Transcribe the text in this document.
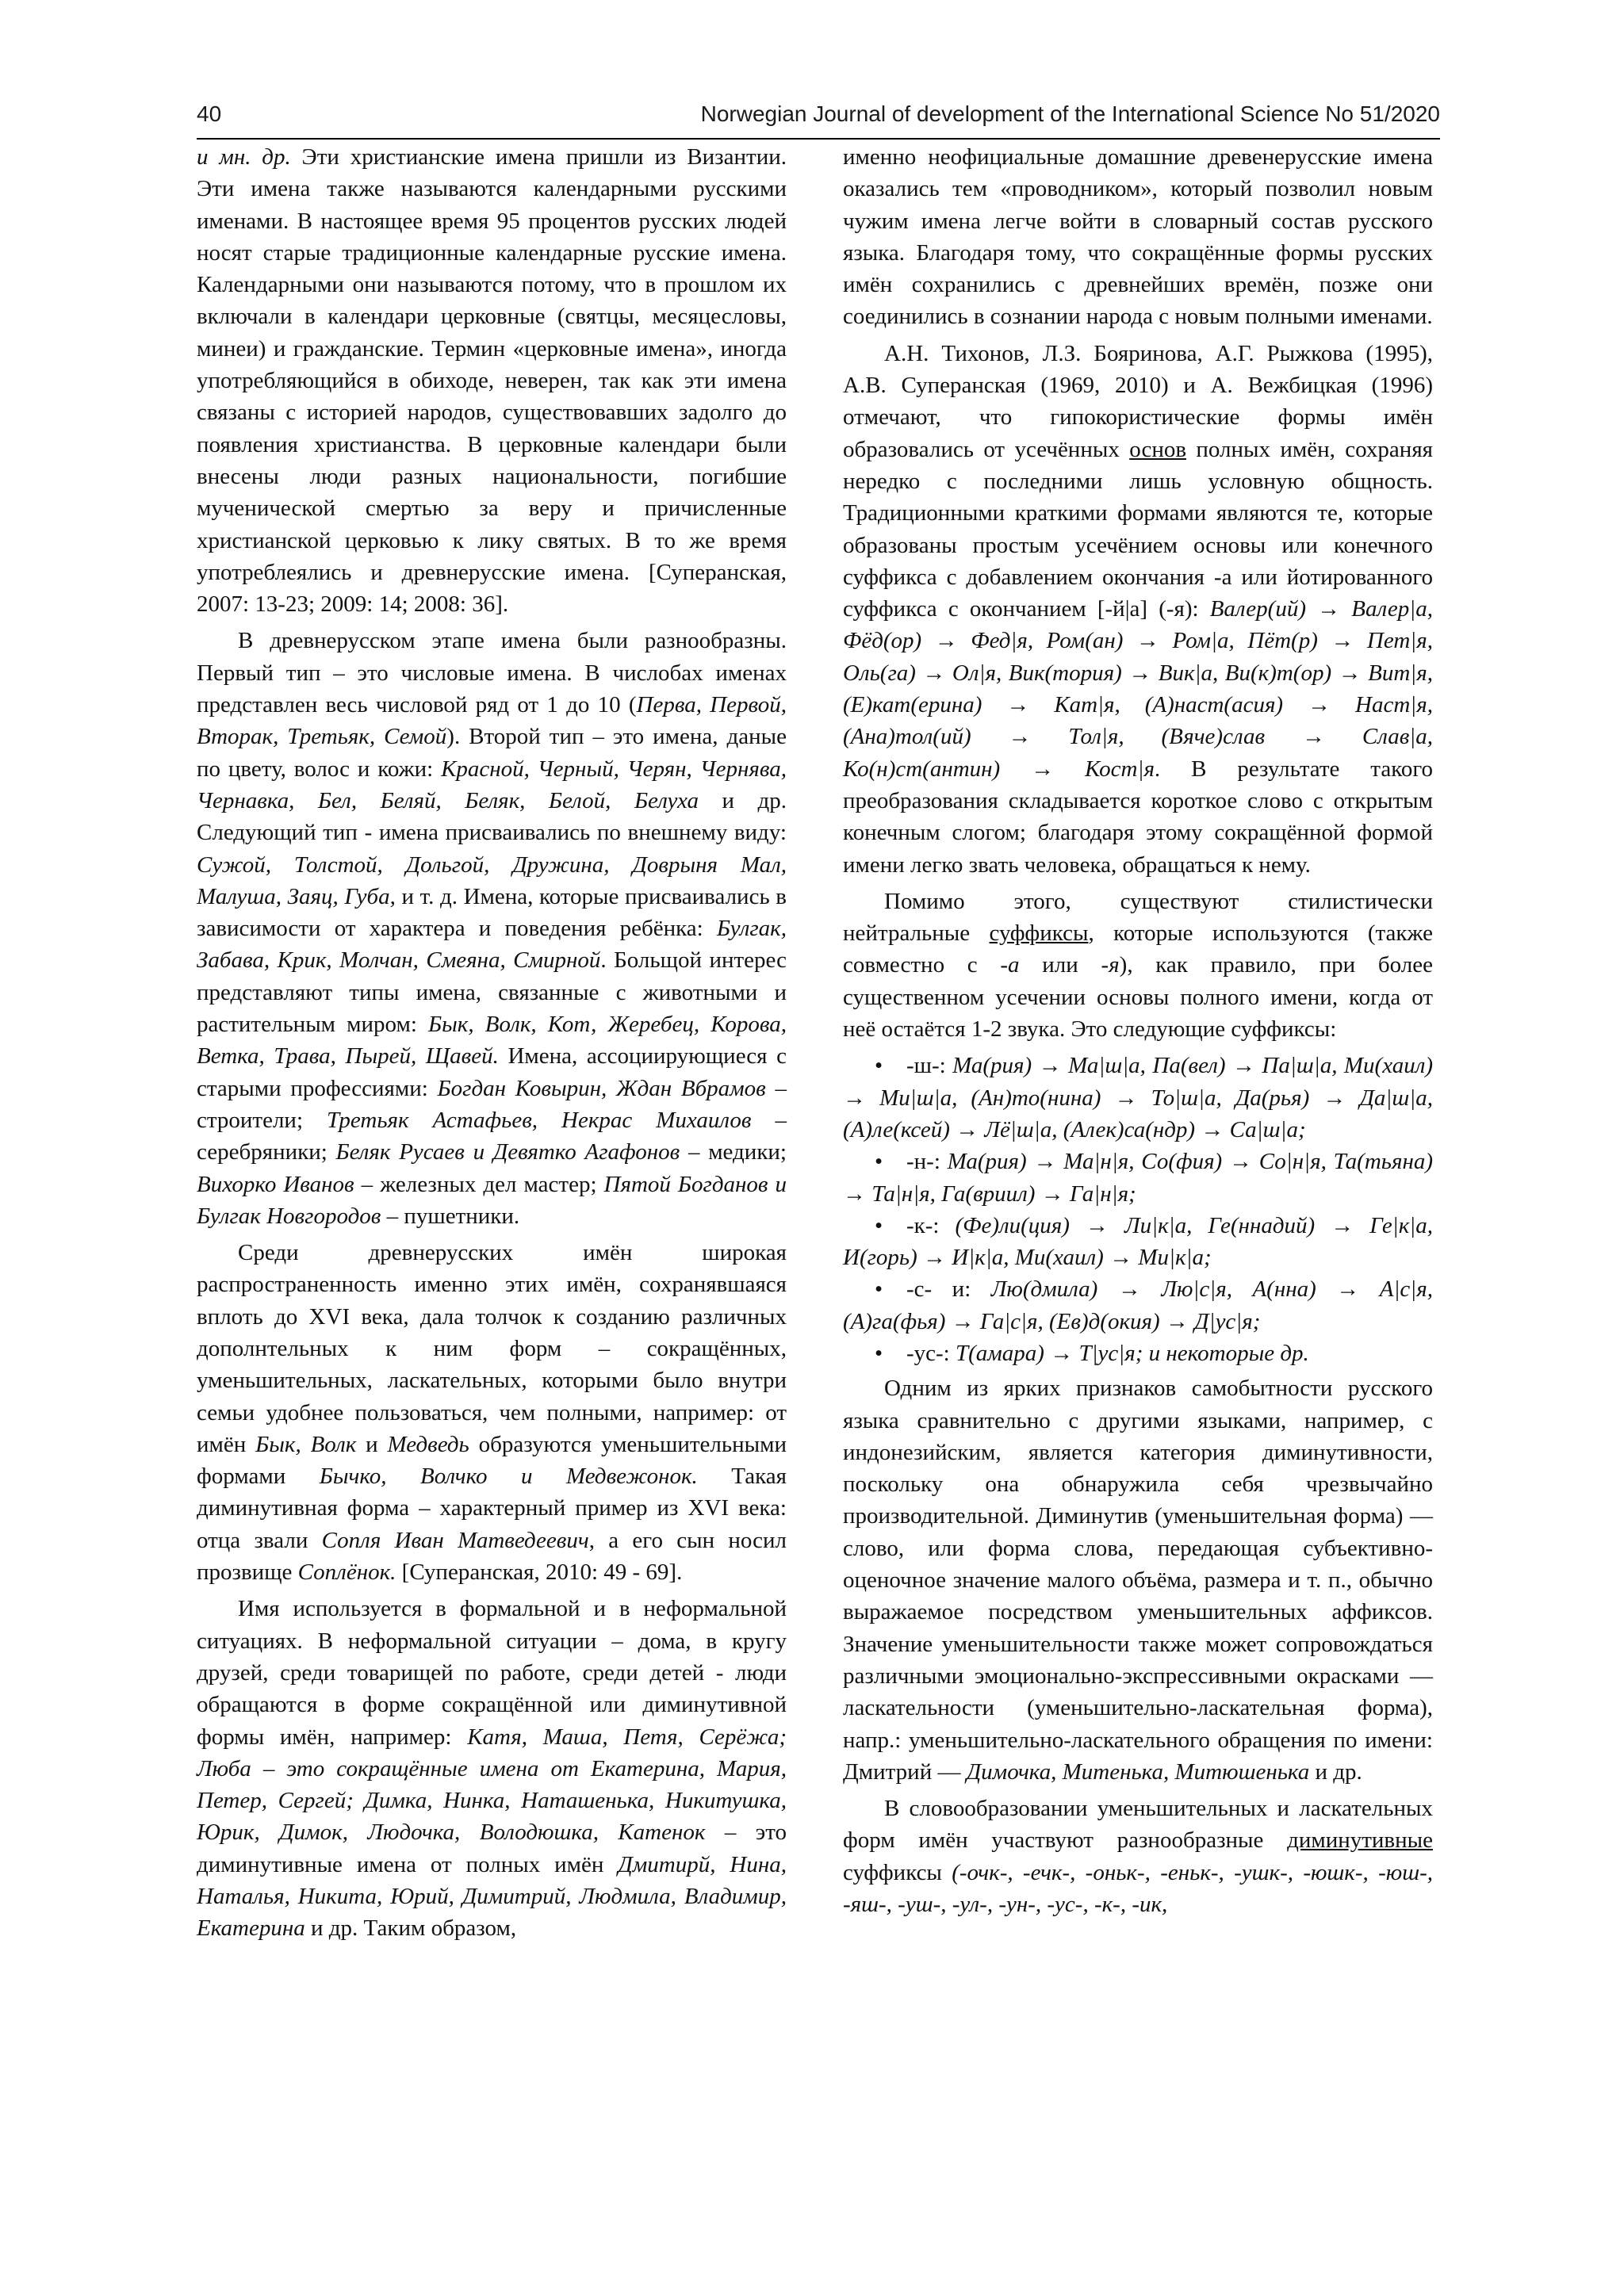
40	Norwegian Journal of development of the International Science No 51/2020

и мн. др. Эти христианские имена пришли из Византии. Эти имена также называются календарными русскими именами. В настоящее время 95 процентов русских людей носят старые традиционные календарные русские имена. Календарными они называются потому, что в прошлом их включали в календари церковные (святцы, месяцесловы, минеи) и гражданские. Термин «церковные имена», иногда употребляющийся в обиходе, неверен, так как эти имена связаны с историей народов, существовавших задолго до появления христианства. В церковные календари были внесены люди разных национальности, погибшие мученической смертью за веру и причисленные христианской церковью к лику святых. В то же время употреблеялись и древнерусские имена. [Суперанская, 2007: 13-23; 2009: 14; 2008: 36].

В древнерусском этапе имена были разнообразны. Первый тип – это числовые имена. В числобах именах представлен весь числовой ряд от 1 до 10 (Перва, Первой, Вторак, Третьяк, Семой). Второй тип – это имена, даные по цвету, волос и кожи: Красной, Черный, Черян, Чернява, Чернавка, Бел, Беляй, Беляк, Белой, Белуха и др. Следующий тип - имена присваивались по внешнему виду: Сужой, Толстой, Дольгой, Дружина, Доврыня Мал, Малуша, Заяц, Губа, и т. д. Имена, которые присваивались в зависимости от характера и поведения ребёнка: Булгак, Забава, Крик, Молчан, Смеяна, Смирной. Больщой интерес представляют типы имена, связанные с животными и растительным миром: Бык, Волк, Кот, Жеребец, Корова, Ветка, Трава, Пырей, Щавей. Имена, ассоциирующиеся с старыми профессиями: Богдан Ковырин, Ждан Вбрамов – строители; Третьяк Астафьев, Некрас Михаилов – серебряники; Беляк Русаев и Девятко Агафонов – медики; Вихорко Иванов – железных дел мастер; Пятой Богданов и Булгак Новгородов – пушетники.

Среди древнерусских имён широкая распространенность именно этих имён, сохранявшаяся вплоть до XVI века, дала толчок к созданию различных дополнтельных к ним форм – сокращённых, уменьшительных, ласкательных, которыми было внутри семьи удобнее пользоваться, чем полными, например: от имён Бык, Волк и Медведь образуются уменьшительными формами Бычко, Волчко и Медвежонок. Такая диминутивная форма – характерный пример из XVI века: отца звали Сопля Иван Матведеевич, а его сын носил прозвище Соплёнок. [Суперанская, 2010: 49 - 69].

Имя используется в формальной и в неформальной ситуациях. В неформальной ситуации – дома, в кругу друзей, среди товарищей по работе, среди детей - люди обращаются в форме сокращённой или диминутивной формы имён, например: Катя, Маша, Петя, Серёжа; Люба – это сокращённые имена от Екатерина, Мария, Петер, Сергей; Димка, Нинка, Наташенька, Никитушка, Юрик, Димок, Людочка, Володюшка, Катенок – это диминутивные имена от полных имён Дмитирй, Нина, Наталья, Никита, Юрий, Димитрий, Людмила, Владимир, Екатерина и др. Таким образом,

именно неофициальные домашние древенерусские имена оказались тем «проводником», который позволил новым чужим имена легче войти в словарный состав русского языка. Благодаря тому, что сокращённые формы русских имён сохранились с древнейших времён, позже они соединились в сознании народа с новым полными именами.

А.Н. Тихонов, Л.З. Бояринова, А.Г. Рыжкова (1995), А.В. Суперанская (1969, 2010) и А. Вежбицкая (1996) отмечают, что гипокористические формы имён образовались от усечённых основ полных имён, сохраняя нередко с последними лишь условную общность. Традиционными краткими формами являются те, которые образованы простым усечёнием основы или конечного суффикса с добавлением окончания -а или йотированного суффикса с окончанием [-й|а] (-я): Валер(ий) → Валер|а, Фёд(ор) → Фед|я, Ром(ан) → Ром|а, Пёт(р) → Пет|я, Оль(га) → Ол|я, Вик(тория) → Вик|а, Ви(к)т(ор) → Вит|я, (Е)кат(ерина) → Кат|я, (А)наст(асия) → Наст|я, (Ана)тол(ий) → Тол|я, (Вяче)слав → Слав|а, Ко(н)ст(антин) → Кост|я. В результате такого преобразования складывается короткое слово с открытым конечным слогом; благодаря этому сокращённой формой имени легко звать человека, обращаться к нему.

Помимо этого, существуют стилистически нейтральные суффиксы, которые используются (также совместно с -а или -я), как правило, при более существенном усечении основы полного имени, когда от неё остаётся 1-2 звука. Это следующие суффиксы:

• -ш-: Ма(рия) → Ма|ш|а, Па(вел) → Па|ш|а, Ми(хаил) → Ми|ш|а, (Ан)то(нина) → То|ш|а, Да(рья) → Да|ш|а, (А)ле(ксей) → Лё|ш|а, (Алек)са(ндр) → Са|ш|а;
• -н-: Ма(рия) → Ма|н|я, Со(фия) → Со|н|я, Та(тьяна) → Та|н|я, Га(вриил) → Га|н|я;
• -к-: (Фе)ли(ция) → Ли|к|а, Ге(ннадий) → Ге|к|а, И(горь) → И|к|а, Ми(хаил) → Ми|к|а;
• -с- и: Лю(дмила) → Лю|с|я, А(нна) → А|с|я, (А)га(фья) → Га|с|я, (Ев)д(окия) → Д|ус|я;
• -ус-: Т(амара) → Т|ус|я; и некоторые др.

Одним из ярких признаков самобытности русского языка сравнительно с другими языками, например, с индонезийским, является категория диминутивности, поскольку она обнаружила себя чрезвычайно производительной. Диминутив (уменьшительная форма) — слово, или форма слова, передающая субъективно-оценочное значение малого объёма, размера и т. п., обычно выражаемое посредством уменьшительных аффиксов. Значение уменьшительности также может сопровождаться различными эмоционально-экспрессивными окрасками — ласкательности (уменьшительно-ласкательная форма), напр.: уменьшительно-ласкательного обращения по имени: Дмитрий — Димочка, Митенька, Митюшенька и др.

В словообразовании уменьшительных и ласкательных форм имён участвуют разнообразные диминутивные суффиксы (-очк-, -ечк-, -оньк-, -еньк-, -ушк-, -юшк-, -юш-, -яш-, -уш-, -ул-, -ун-, -ус-, -к-, -ик,
